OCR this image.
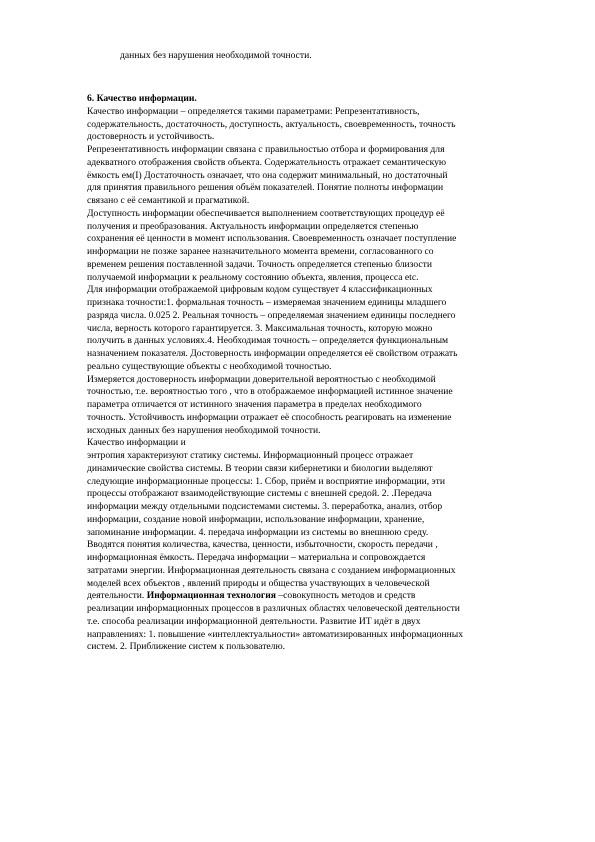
данных без нарушения необходимой точности.
6. Качество информации.
Качество информации – определяется такими параметрами: Репрезентативность,
содержательность, достаточность, доступность, актуальность, своевременность, точность
достоверность и устойчивость.
Репрезентативность информации связана с правильностью отбора и формирования для
адекватного отображения свойств объекта. Содержательность отражает семантическую
ёмкость ем(I) Достаточность означает, что она содержит минимальный, но достаточный
для принятия правильного решения объём показателей. Понятие полноты информации
связано с её семантикой и прагматикой.
Доступность информации обеспечивается выполнением соответствующих процедур её
получения и преобразования. Актуальность информации определяется степенью
сохранения её ценности в момент использования. Своевременность означает поступление
информации не позже заранее назначительного момента времени, согласованного со
временем решения поставленной задачи. Точность определяется степенью близости
получаемой информации к реальному состоянию объекта, явления, процесса etc.
Для информации отображаемой цифровым кодом существует 4 классификационных
признака точности:1. формальная точность – измеряемая значением единицы младшего
разряда числа. 0.025 2. Реальная точность – определяемая значением единицы последнего
числа, верность которого гарантируется. 3. Максимальная точность, которую можно
получить в данных условиях.4. Необходимая точность – определяется функциональным
назначением показателя. Достоверность информации определяется её свойством отражать
реально существующие объекты с необходимой точностью.
Измеряется достоверность информации доверительной вероятностью с необходимой
точностью, т.е. вероятностью того , что в отображаемое информацией истинное значение
параметра отличается от истинного значения параметра в пределах необходимого
точность. Устойчивость информации отражает её способность реагировать на изменение
исходных данных без нарушения необходимой точности.
Качество информации и
энтропия характеризуют статику системы. Информационный процесс отражает
динамические свойства системы. В теории связи кибернетики и биологии выделяют
следующие информационные процессы: 1. Сбор, приём и восприятие информации, эти
процессы отображают взаимодействующие системы с внешней средой. 2. .Передача
информации между отдельными подсистемами системы. 3. переработка, анализ, отбор
информации, создание новой информации, использование информации, хранение,
запоминание информации. 4. передача информации из системы во внешнюю среду.
Вводятся понятия количества, качества, ценности, избыточности, скорость передачи ,
информационная ёмкость. Передача информации – материальна и сопровождается
затратами энергии. Информационная деятельность связана с созданием информационных
моделей всех объектов , явлений природы и общества участвующих в человеческой
деятельности. Информационная технология –совокупность методов и средств
реализации информационных процессов в различных областях человеческой деятельности
т.е. способа реализации информационной деятельности. Развитие ИТ идёт в двух
направлениях: 1. повышение «интеллектуальности» автоматизированных информационных
систем. 2. Приближение систем к пользователю.
